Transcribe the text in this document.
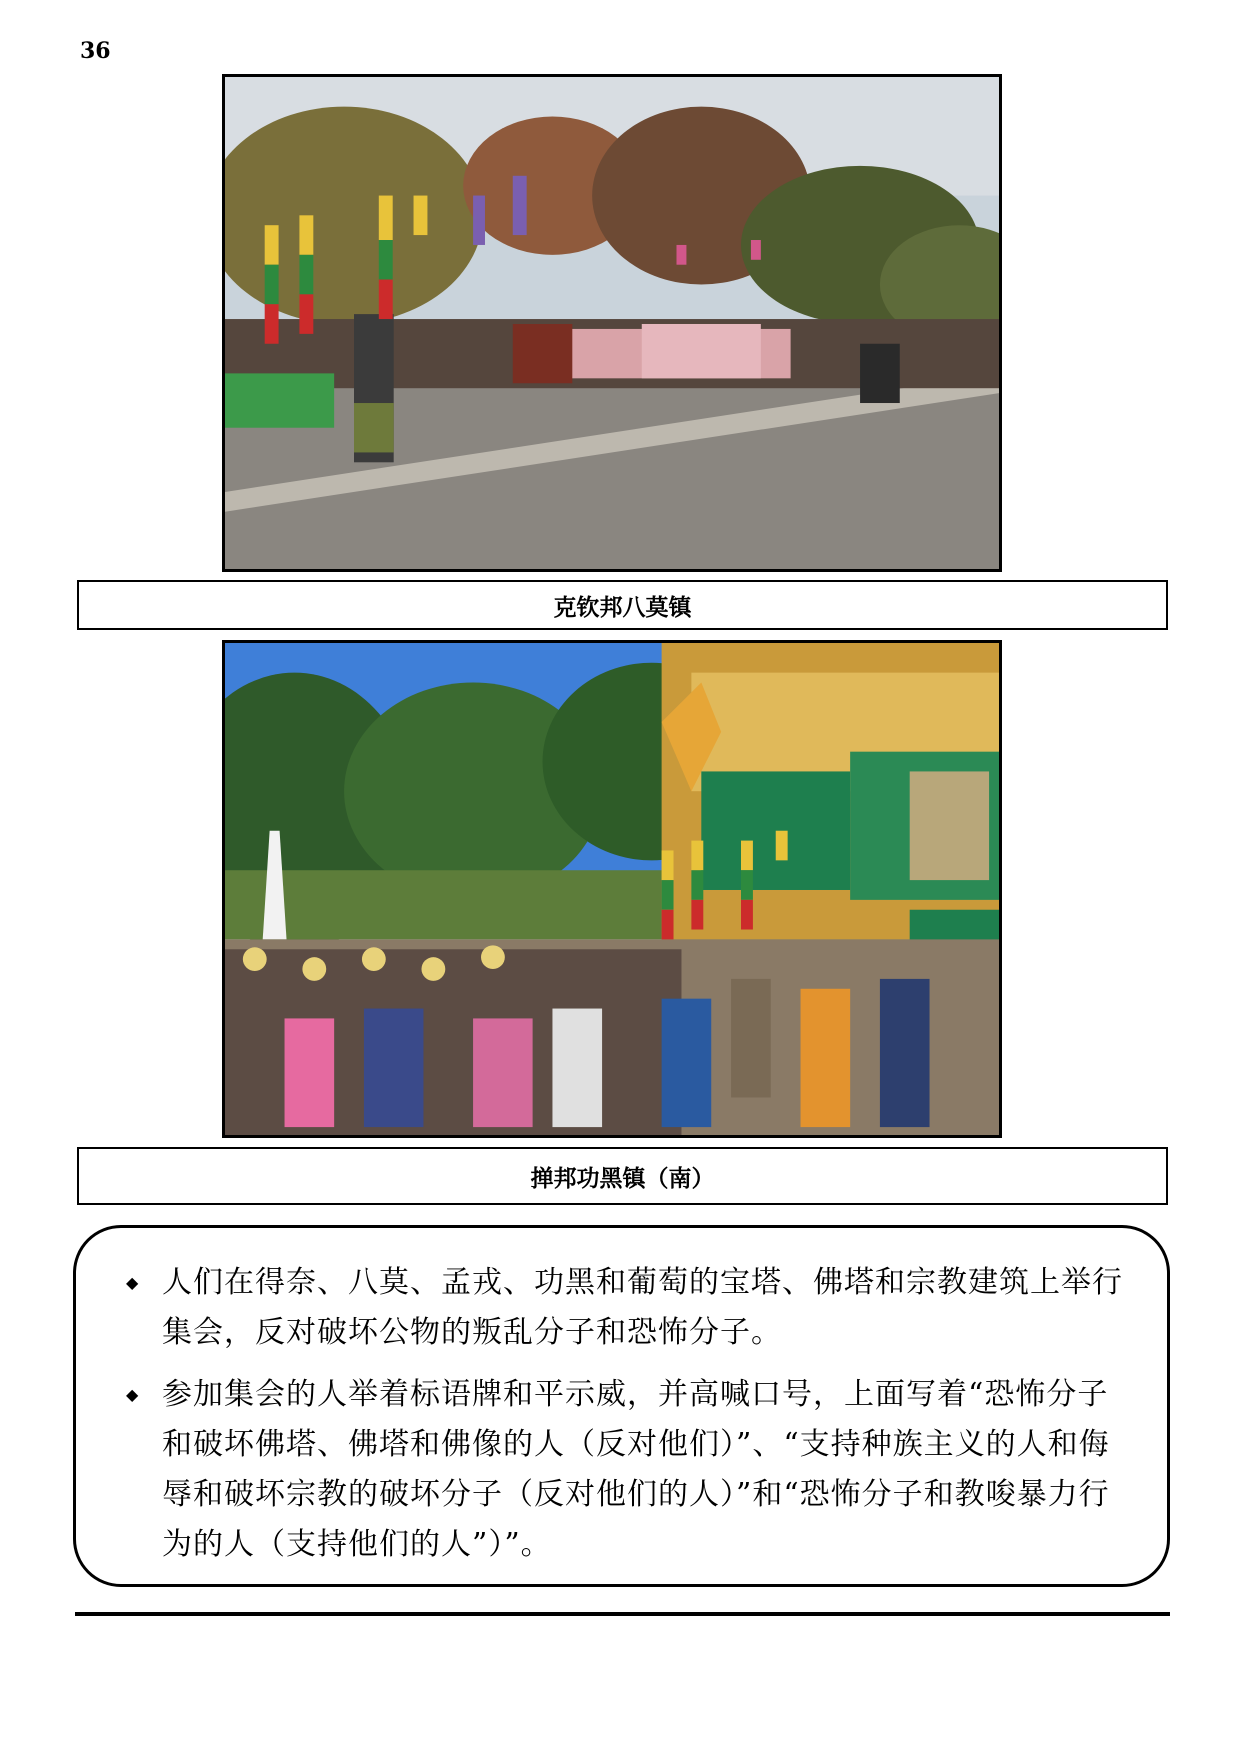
36
克钦邦八莫镇
掸邦功黑镇（南）
◆ 人们在得奈、八莫、孟戎、功黑和葡萄的宝塔、佛塔和宗教建筑上举行集会，反对破坏公物的叛乱分子和恐怖分子。
◆ 参加集会的人举着标语牌和平示威，并高喊口号，上面写着“恐怖分子和破坏佛塔、佛塔和佛像的人（反对他们）”、“支持种族主义的人和侮辱和破坏宗教的破坏分子（反对他们的人）”和“恐怖分子和教唆暴力行为的人（支持他们的人”）”。
